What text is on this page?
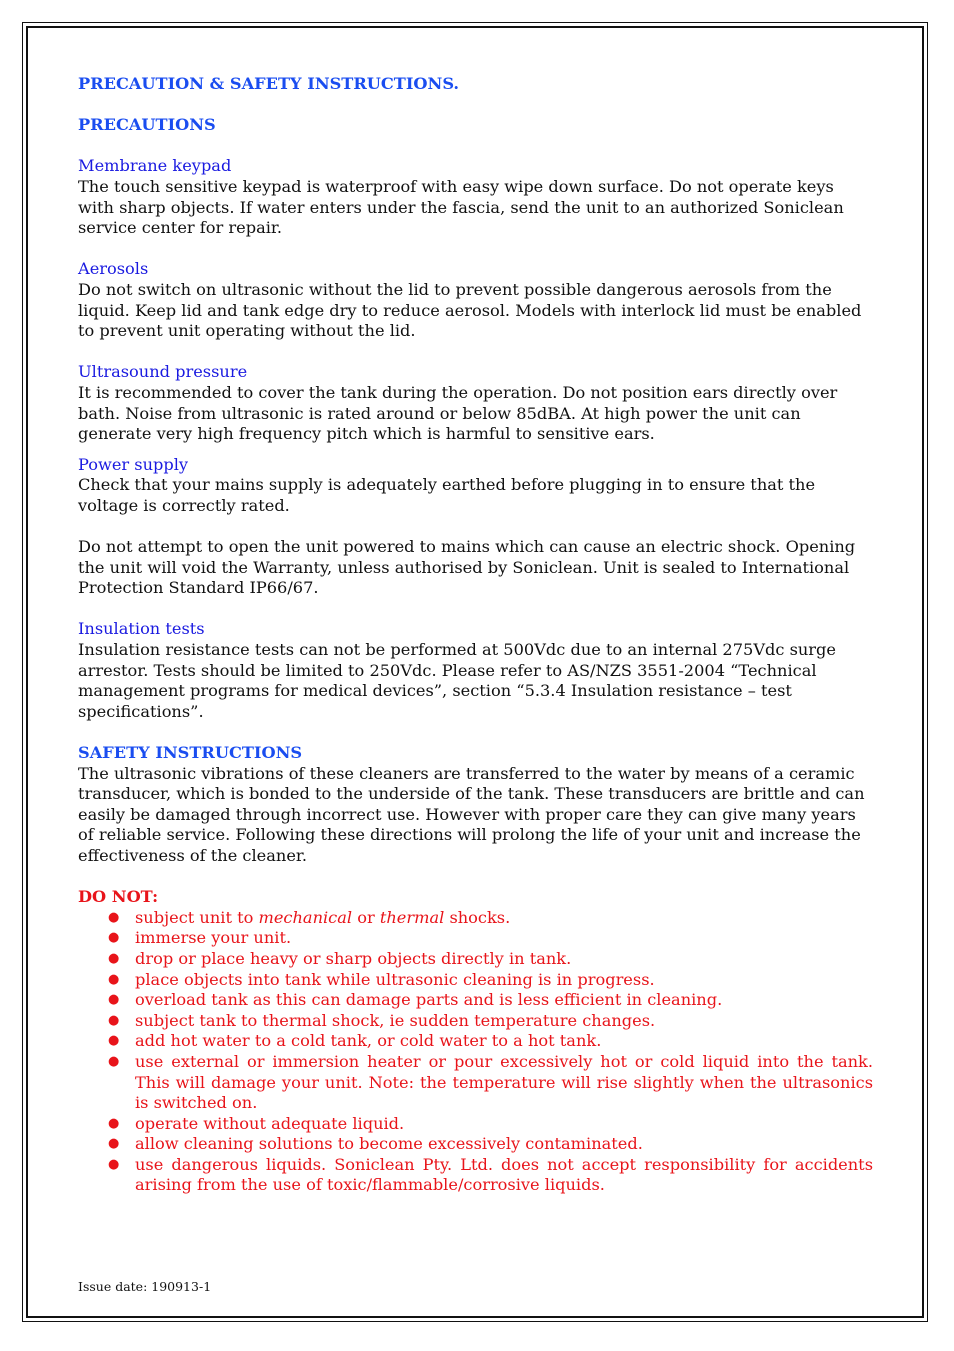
PRECAUTION & SAFETY INSTRUCTIONS.

PRECAUTIONS

Membrane keypad

The touch sensitive keypad is waterproof with easy wipe down surface. Do not operate keys with sharp objects. If water enters under the fascia, send the unit to an authorized Soniclean service center for repair.

Aerosols

Do not switch on ultrasonic without the lid to prevent possible dangerous aerosols from the liquid. Keep lid and tank edge dry to reduce aerosol. Models with interlock lid must be enabled to prevent unit operating without the lid.

Ultrasound pressure

It is recommended to cover the tank during the operation. Do not position ears directly over bath. Noise from ultrasonic is rated around or below 85dBA. At high power the unit can generate very high frequency pitch which is harmful to sensitive ears.

Power supply

Check that your mains supply is adequately earthed before plugging in to ensure that the voltage is correctly rated.

Do not attempt to open the unit powered to mains which can cause an electric shock. Opening the unit will void the Warranty, unless authorised by Soniclean. Unit is sealed to International Protection Standard IP66/67.

Insulation tests

Insulation resistance tests can not be performed at 500Vdc due to an internal 275Vdc surge arrestor. Tests should be limited to 250Vdc. Please refer to AS/NZS 3551-2004 “Technical management programs for medical devices”, section “5.3.4 Insulation resistance – test specifications”.

SAFETY INSTRUCTIONS

The ultrasonic vibrations of these cleaners are transferred to the water by means of a ceramic transducer, which is bonded to the underside of the tank. These transducers are brittle and can easily be damaged through incorrect use. However with proper care they can give many years of reliable service. Following these directions will prolong the life of your unit and increase the effectiveness of the cleaner.

DO NOT:

● subject unit to mechanical or thermal shocks.
● immerse your unit.
● drop or place heavy or sharp objects directly in tank.
● place objects into tank while ultrasonic cleaning is in progress.
● overload tank as this can damage parts and is less efficient in cleaning.
● subject tank to thermal shock, ie sudden temperature changes.
● add hot water to a cold tank, or cold water to a hot tank.
● use external or immersion heater or pour excessively hot or cold liquid into the tank. This will damage your unit. Note: the temperature will rise slightly when the ultrasonics is switched on.
● operate without adequate liquid.
● allow cleaning solutions to become excessively contaminated.
● use dangerous liquids. Soniclean Pty. Ltd. does not accept responsibility for accidents arising from the use of toxic/flammable/corrosive liquids.
Issue date: 190913-1
